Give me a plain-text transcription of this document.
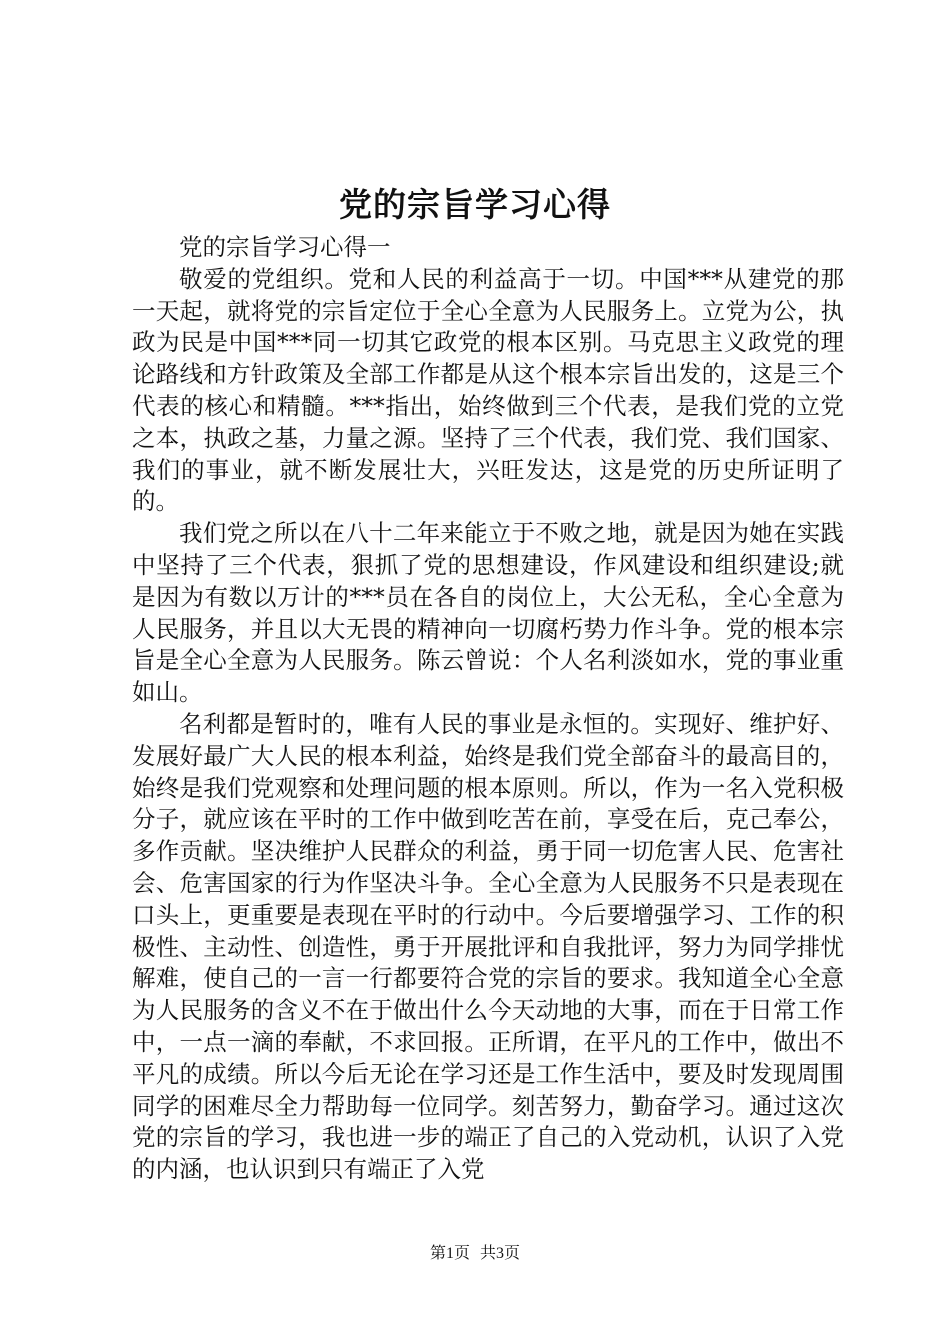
党的宗旨学习心得

党的宗旨学习心得一

敬爱的党组织。党和人民的利益高于一切。中国***从建党的那一天起，就将党的宗旨定位于全心全意为人民服务上。立党为公，执政为民是中国***同一切其它政党的根本区别。马克思主义政党的理论路线和方针政策及全部工作都是从这个根本宗旨出发的，这是三个代表的核心和精髓。***指出，始终做到三个代表，是我们党的立党之本，执政之基，力量之源。坚持了三个代表，我们党、我们国家、我们的事业，就不断发展壮大，兴旺发达，这是党的历史所证明了的。

我们党之所以在八十二年来能立于不败之地，就是因为她在实践中坚持了三个代表，狠抓了党的思想建设，作风建设和组织建设;就是因为有数以万计的***员在各自的岗位上，大公无私，全心全意为人民服务，并且以大无畏的精神向一切腐朽势力作斗争。党的根本宗旨是全心全意为人民服务。陈云曾说：个人名利淡如水，党的事业重如山。

名利都是暂时的，唯有人民的事业是永恒的。实现好、维护好、发展好最广大人民的根本利益，始终是我们党全部奋斗的最高目的，始终是我们党观察和处理问题的根本原则。所以，作为一名入党积极分子，就应该在平时的工作中做到吃苦在前，享受在后，克己奉公，多作贡献。坚决维护人民群众的利益，勇于同一切危害人民、危害社会、危害国家的行为作坚决斗争。全心全意为人民服务不只是表现在口头上，更重要是表现在平时的行动中。今后要增强学习、工作的积极性、主动性、创造性，勇于开展批评和自我批评，努力为同学排忧解难，使自己的一言一行都要符合党的宗旨的要求。我知道全心全意为人民服务的含义不在于做出什么今天动地的大事，而在于日常工作中，一点一滴的奉献，不求回报。正所谓，在平凡的工作中，做出不平凡的成绩。所以今后无论在学习还是工作生活中，要及时发现周围同学的困难尽全力帮助每一位同学。刻苦努力，勤奋学习。通过这次党的宗旨的学习，我也进一步的端正了自己的入党动机，认识了入党的内涵，也认识到只有端正了入党

第1页 共3页
